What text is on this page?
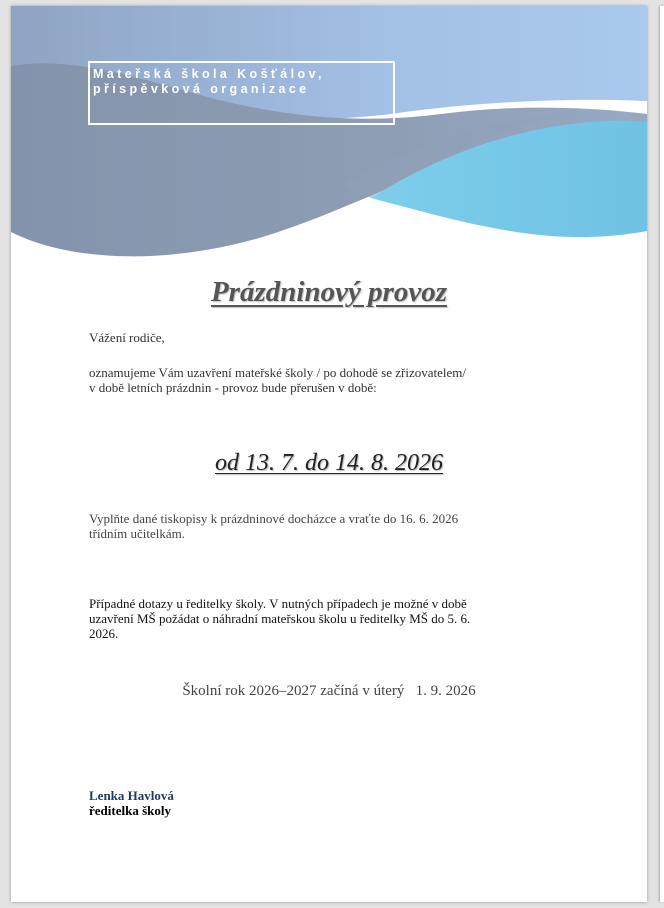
Mateřská škola Košťálov,
příspěvková organizace
Prázdninový provoz
Vážení rodiče,
oznamujeme Vám uzavření mateřské školy / po dohodě se zřizovatelem/
v době letních prázdnin - provoz bude přerušen v době:
od 13. 7. do 14. 8. 2026
Vyplňte dané tiskopisy k prázdninové docházce a vraťte do 16. 6. 2026
třídním učitelkám.
Případné dotazy u ředitelky školy. V nutných případech je možné v době
uzavření MŠ požádat o náhradní mateřskou školu u ředitelky MŠ do 5. 6.
2026.
Školní rok 2026–2027 začíná v úterý   1. 9. 2026
Lenka Havlová
ředitelka školy
